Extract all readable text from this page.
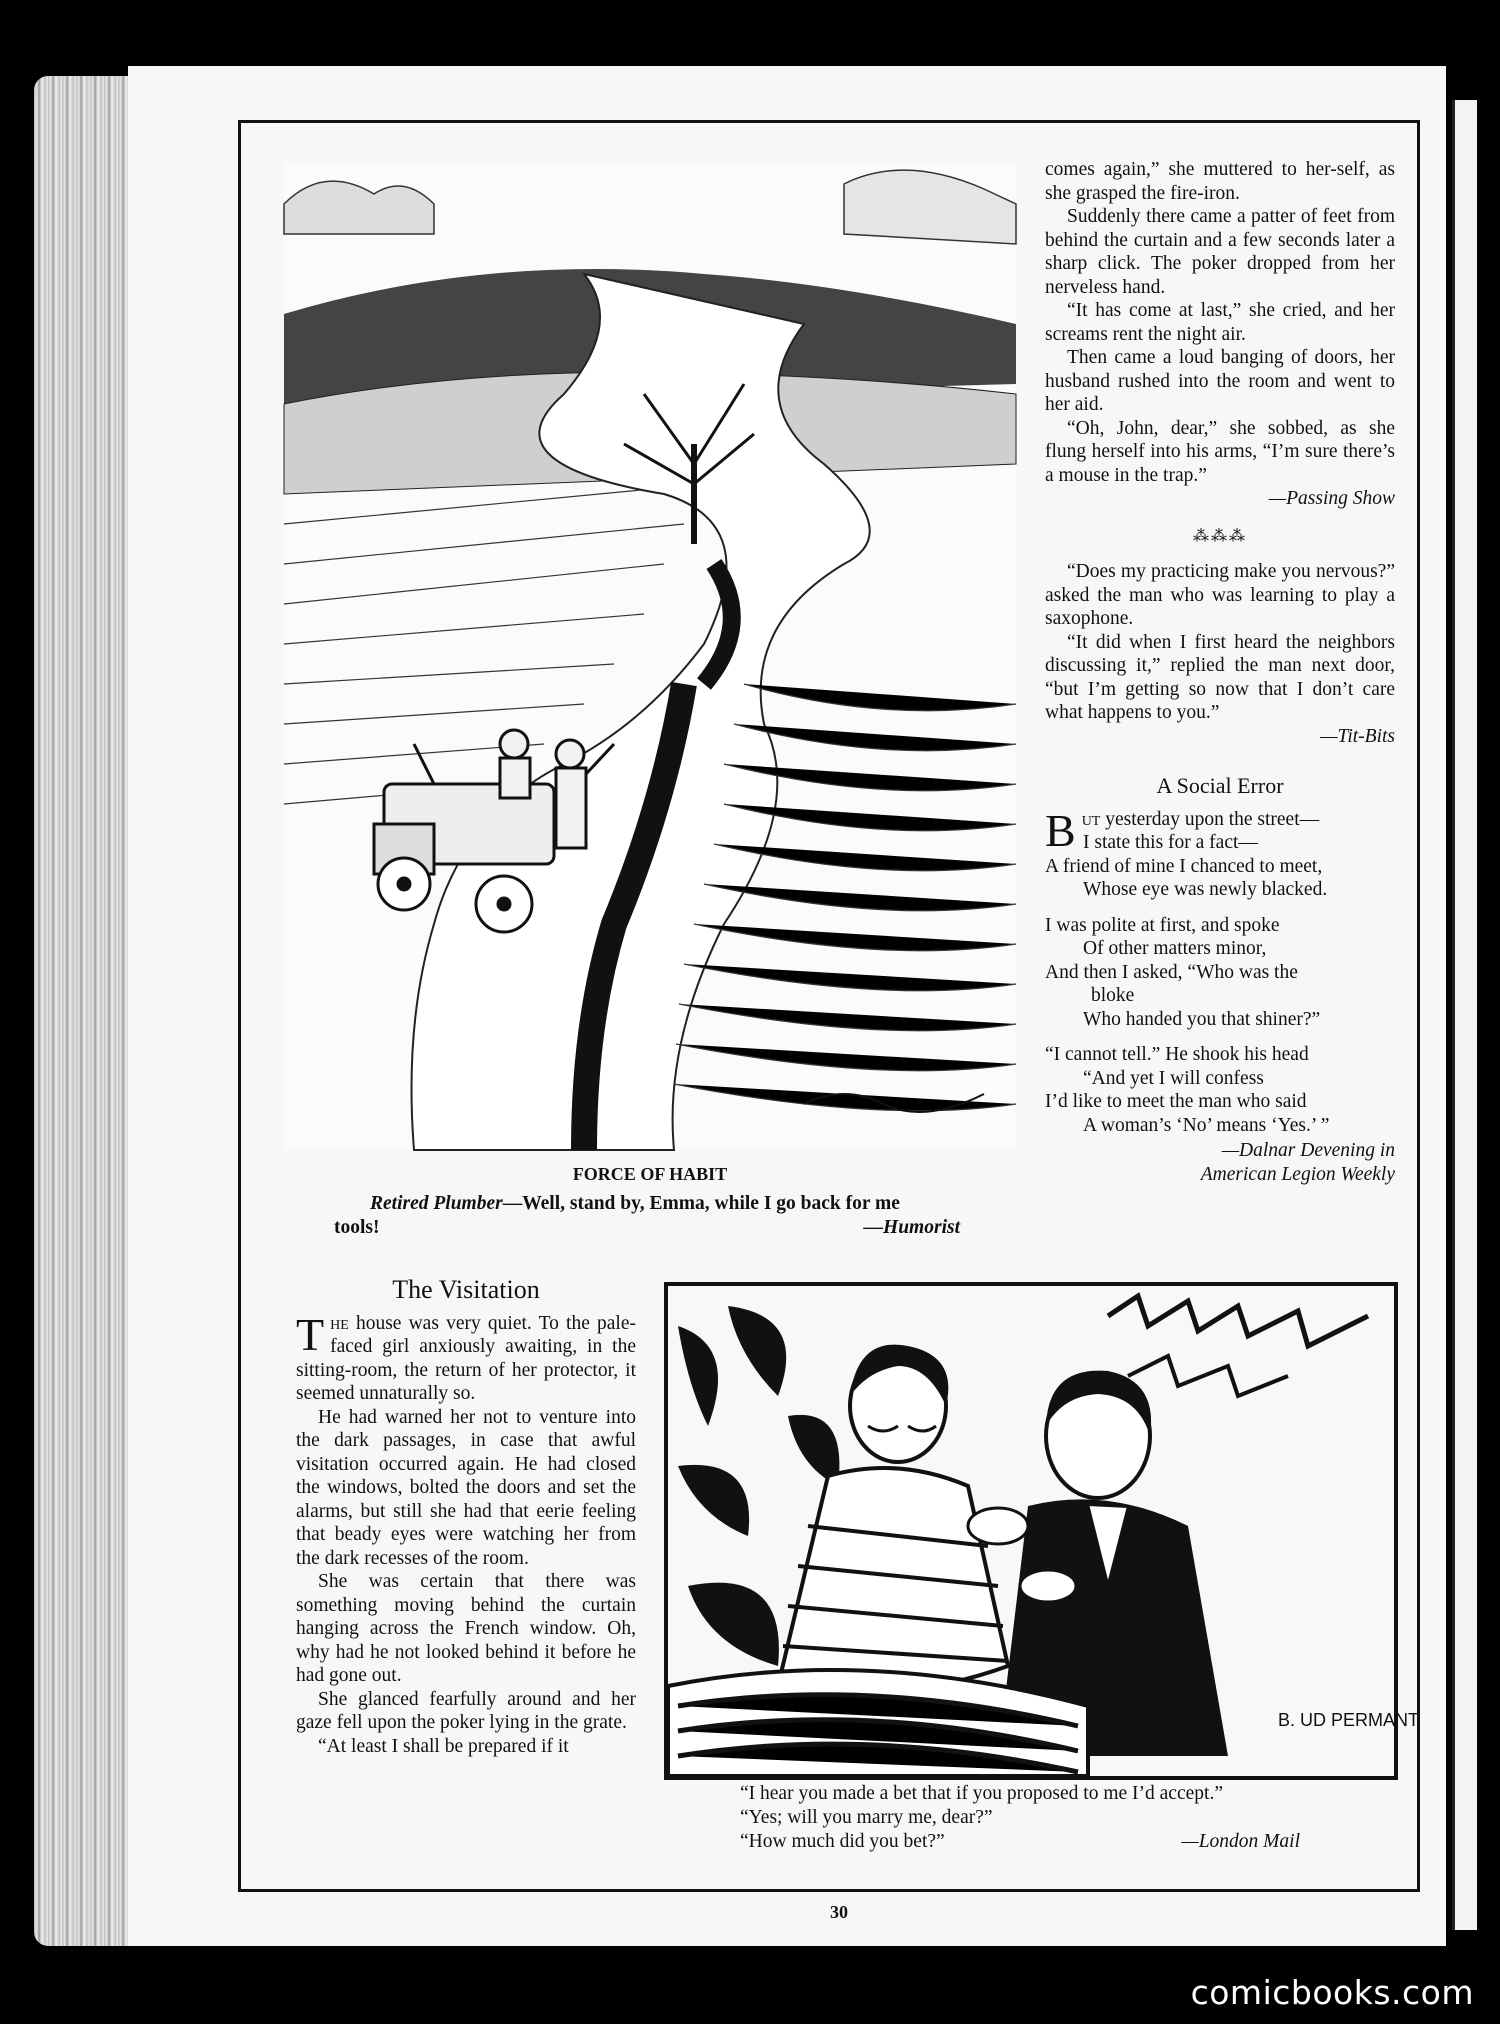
FORCE OF HABIT
Retired Plumber—Well, stand by, Emma, while I go back for me
tools!	—Humorist

comes again,” she muttered to her-self, as she grasped the fire-iron.

Suddenly there came a patter of feet from behind the curtain and a few seconds later a sharp click. The poker dropped from her nerveless hand.

“It has come at last,” she cried, and her screams rent the night air.

Then came a loud banging of doors, her husband rushed into the room and went to her aid.

“Oh, John, dear,” she sobbed, as she flung herself into his arms, “I’m sure there’s a mouse in the trap.”

—Passing Show
⁂⁂⁂

“Does my practicing make you nervous?” asked the man who was learning to play a saxophone.

“It did when I first heard the neighbors discussing it,” replied the man next door, “but I’m getting so now that I don’t care what happens to you.”

—Tit-Bits
A Social Error

But yesterday upon the street—

I state this for a fact—

A friend of mine I chanced to meet,

Whose eye was newly blacked.

I was polite at first, and spoke

Of other matters minor,

And then I asked, “Who was the

bloke

Who handed you that shiner?”

“I cannot tell.” He shook his head

“And yet I will confess

I’d like to meet the man who said

A woman’s ‘No’ means ‘Yes.’ ”

—Dalnar Devening in
American Legion Weekly
The Visitation

The house was very quiet. To the pale-faced girl anxiously awaiting, in the sitting-room, the return of her protector, it seemed unnaturally so.

He had warned her not to venture into the dark passages, in case that awful visitation occurred again. He had closed the windows, bolted the doors and set the alarms, but still she had that eerie feeling that beady eyes were watching her from the dark recesses of the room.

She was certain that there was something moving behind the curtain hanging across the French window. Oh, why had he not looked behind it before he had gone out.

She glanced fearfully around and her gaze fell upon the poker lying in the grate.

“At least I shall be prepared if it

B. UD PERMANT
“I hear you made a bet that if you proposed to me I’d accept.”
“Yes; will you marry me, dear?”
“How much did you bet?”	—London Mail
30
comicbooks.com
